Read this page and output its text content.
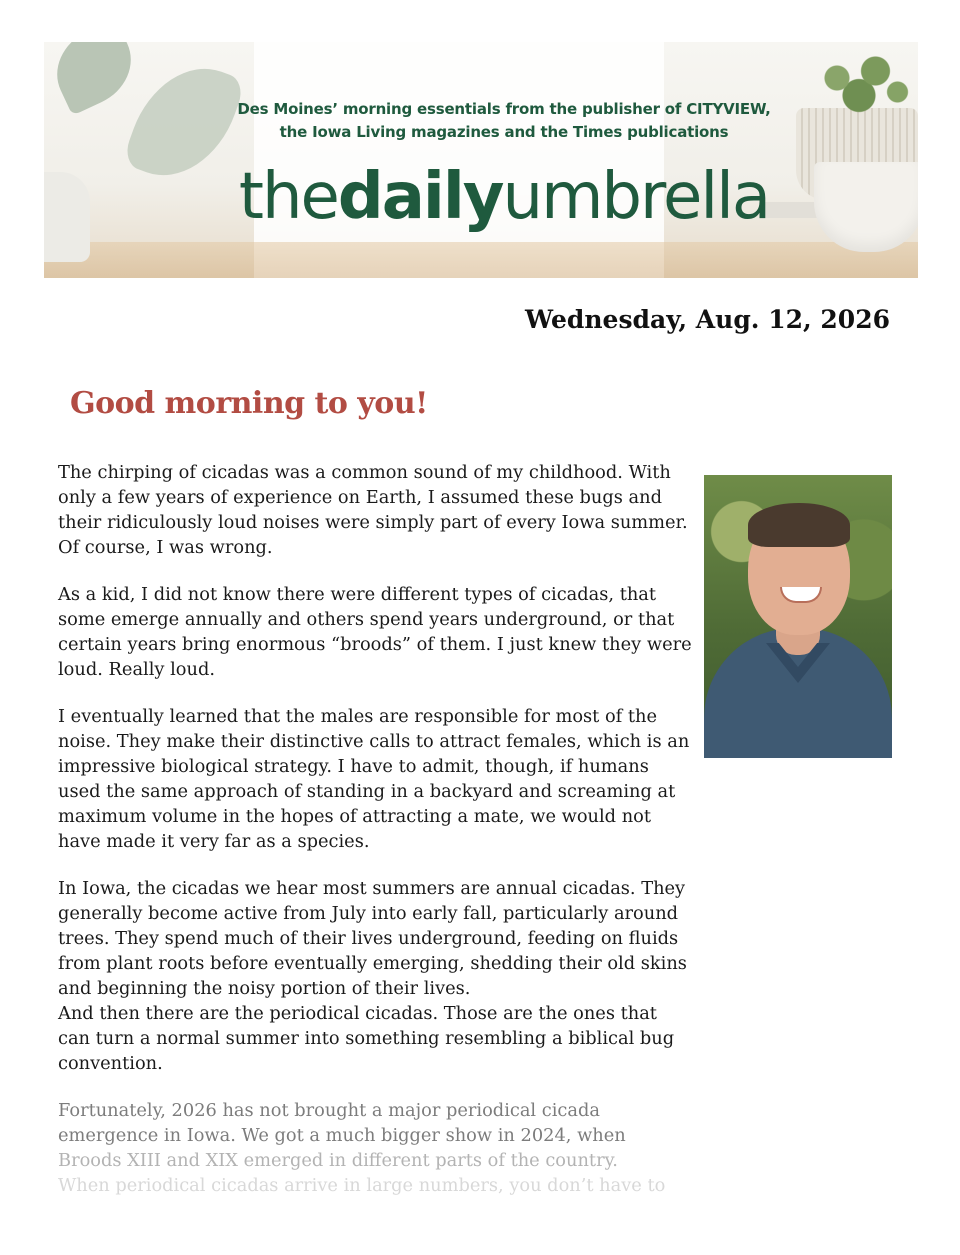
Des Moines’ morning essentials from the publisher of CITYVIEW,
the Iowa Living magazines and the Times publications
thedailyumbrella
Wednesday, Aug. 12, 2026
Good morning to you!

The chirping of cicadas was a common sound of my childhood. With only a few years of experience on Earth, I assumed these bugs and their ridiculously loud noises were simply part of every Iowa summer. Of course, I was wrong.

As a kid, I did not know there were different types of cicadas, that some emerge annually and others spend years underground, or that certain years bring enormous “broods” of them. I just knew they were loud. Really loud.

I eventually learned that the males are responsible for most of the noise. They make their distinctive calls to attract females, which is an impressive biological strategy. I have to admit, though, if humans used the same approach of standing in a backyard and screaming at maximum volume in the hopes of attracting a mate, we would not have made it very far as a species.

In Iowa, the cicadas we hear most summers are annual cicadas. They generally become active from July into early fall, particularly around trees. They spend much of their lives underground, feeding on fluids from plant roots before eventually emerging, shedding their old skins and beginning the noisy portion of their lives.

And then there are the periodical cicadas. Those are the ones that can turn a normal summer into something resembling a biblical bug convention.

Fortunately, 2026 has not brought a major periodical cicada emergence in Iowa. We got a much bigger show in 2024, when

Broods XIII and XIX emerged in different parts of the country.

When periodical cicadas arrive in large numbers, you don’t have to
